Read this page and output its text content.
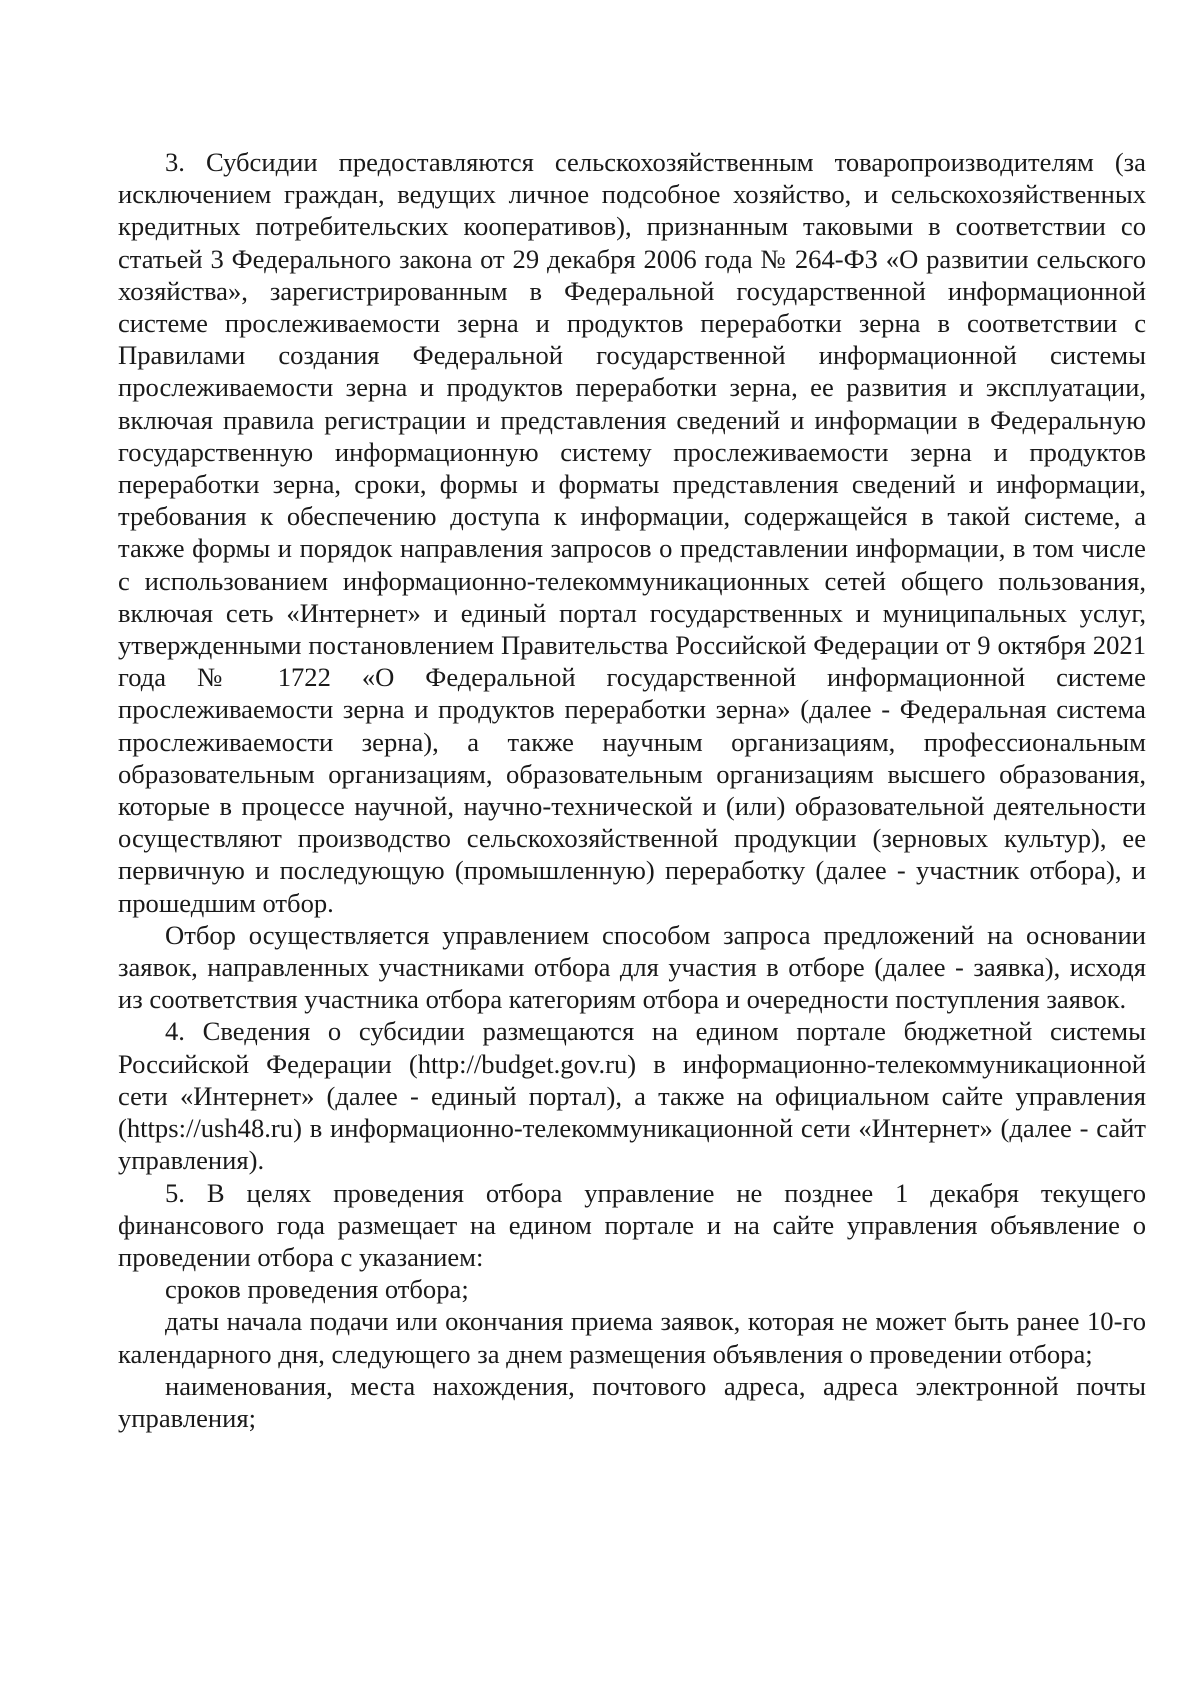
3. Субсидии предоставляются сельскохозяйственным товаропроизводителям (за исключением граждан, ведущих личное подсобное хозяйство, и сельскохозяйственных кредитных потребительских кооперативов), признанным таковыми в соответствии со статьей 3 Федерального закона от 29 декабря 2006 года № 264-ФЗ «О развитии сельского хозяйства», зарегистрированным в Федеральной государственной информационной системе прослеживаемости зерна и продуктов переработки зерна в соответствии с Правилами создания Федеральной государственной информационной системы прослеживаемости зерна и продуктов переработки зерна, ее развития и эксплуатации, включая правила регистрации и представления сведений и информации в Федеральную государственную информационную систему прослеживаемости зерна и продуктов переработки зерна, сроки, формы и форматы представления сведений и информации, требования к обеспечению доступа к информации, содержащейся в такой системе, а также формы и порядок направления запросов о представлении информации, в том числе с использованием информационно-телекоммуникационных сетей общего пользования, включая сеть «Интернет» и единый портал государственных и муниципальных услуг, утвержденными постановлением Правительства Российской Федерации от 9 октября 2021 года № 1722 «О Федеральной государственной информационной системе прослеживаемости зерна и продуктов переработки зерна» (далее - Федеральная система прослеживаемости зерна), а также научным организациям, профессиональным образовательным организациям, образовательным организациям высшего образования, которые в процессе научной, научно-технической и (или) образовательной деятельности осуществляют производство сельскохозяйственной продукции (зерновых культур), ее первичную и последующую (промышленную) переработку (далее - участник отбора), и прошедшим отбор.

Отбор осуществляется управлением способом запроса предложений на основании заявок, направленных участниками отбора для участия в отборе (далее - заявка), исходя из соответствия участника отбора категориям отбора и очередности поступления заявок.

4. Сведения о субсидии размещаются на едином портале бюджетной системы Российской Федерации (http://budget.gov.ru) в информационно-телекоммуникационной сети «Интернет» (далее - единый портал), а также на официальном сайте управления (https://ush48.ru) в информационно-телекоммуникационной сети «Интернет» (далее - сайт управления).

5. В целях проведения отбора управление не позднее 1 декабря текущего финансового года размещает на едином портале и на сайте управления объявление о проведении отбора с указанием:

сроков проведения отбора;

даты начала подачи или окончания приема заявок, которая не может быть ранее 10-го календарного дня, следующего за днем размещения объявления о проведении отбора;

наименования, места нахождения, почтового адреса, адреса электронной почты управления;
